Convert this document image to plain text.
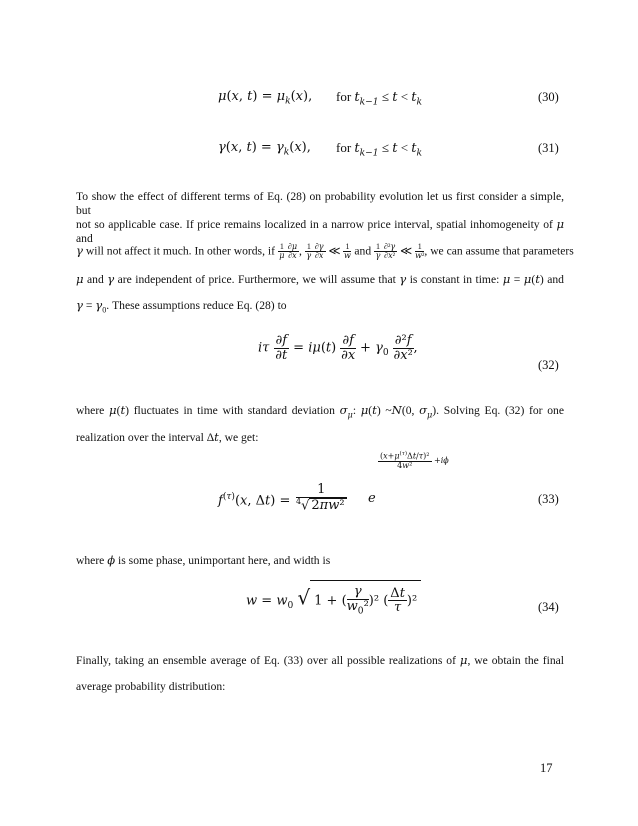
μ(x, $t) = \mu_k(x)$, for $t_{k-1} \le t < t_k$	(30)
γ(x, $t) = \gamma_k(x)$, for $t_{k-1} \le t < t_k$	(31)
To show the effect of different terms of Eq. (28) on probability evolution let us first consider a simple, but
not so applicable case. If price remains localized in a narrow price interval, spatial inhomogeneity of μ and
γ will not affect it much. In other words, if $\frac{1}{\mu} \frac{\partial\mu}{\partial x}$ , $\frac{1}{\gamma} \frac{\partial\gamma}{\partial x}$ ≪ $\frac{1}{w}$ and $\frac{1}{\gamma} \frac{\text{∂²γ}}{\text{∂x²}}$ ≪ $\frac{1}{\text{w²}}$ , we can assume that parameters
μ and γ are independent of price. Furthermore, we will assume that γ is constant in time: μ = μ(t) and
$\gamma = \gamma_0$. These assumptions reduce Eq. (28) to
iτ $\frac{\partial f}{\partial t} = i\mu(t) \frac{\partial f}{\partial x} + \gamma_0 \frac{\text{∂²f}}{\text{∂x²}}$ ,
(32)
where μ(t) fluctuates in time with standard deviation $\sigma_\mu$: μ(t) ~N(0, $\sigma_\mu$). Solving Eq. (32) for one
realization over the interval Δt, we get:
$f^{(\tau)}(x$, $\Delta t) = \frac{1}{^4√ 2\pi w^2}$ e
$\frac{(x+\mu^{(\tau)}\Delta t/\tau)^2}{\text{4w²}} +i\phi$
(33)
where ϕ is some phase, unimportant here, and width is
$w = w_0$ √ 1 + ( $\frac{\gamma}{w_0^2} )^2$ ( $\frac{\Delta t}{\tau} )^2$	(34)
Finally, taking an ensemble average of Eq. (33) over all possible realizations of μ, we obtain the final
average probability distribution:
17
